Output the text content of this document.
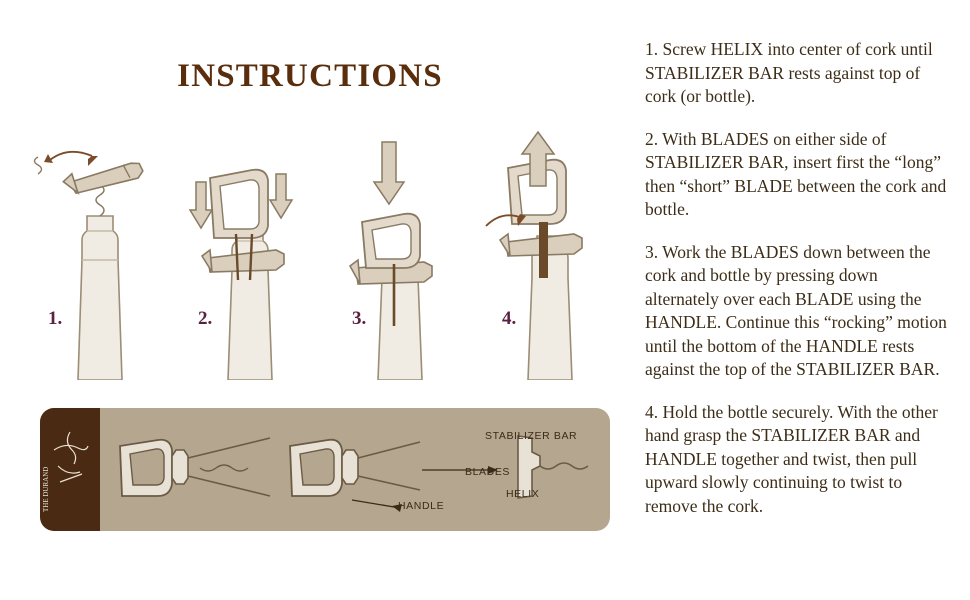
INSTRUCTIONS
1.	2.	3.	4.
THE DURAND
STABILIZER BAR
BLADES
HANDLE
HELIX

1. Screw HELIX into center of cork until STABILIZER BAR rests against top of cork (or bottle).

2. With BLADES on either side of STABILIZER BAR, insert first the “long” then “short” BLADE between the cork and bottle.

3. Work the BLADES down between the cork and bottle by pressing down alternately over each BLADE using the HANDLE. Continue this “rocking” motion until the bottom of the HANDLE rests against the top of the STABILIZER BAR.

4. Hold the bottle securely. With the other hand grasp the STABILIZER BAR and HANDLE together and twist, then pull upward slowly continuing to twist to remove the cork.
